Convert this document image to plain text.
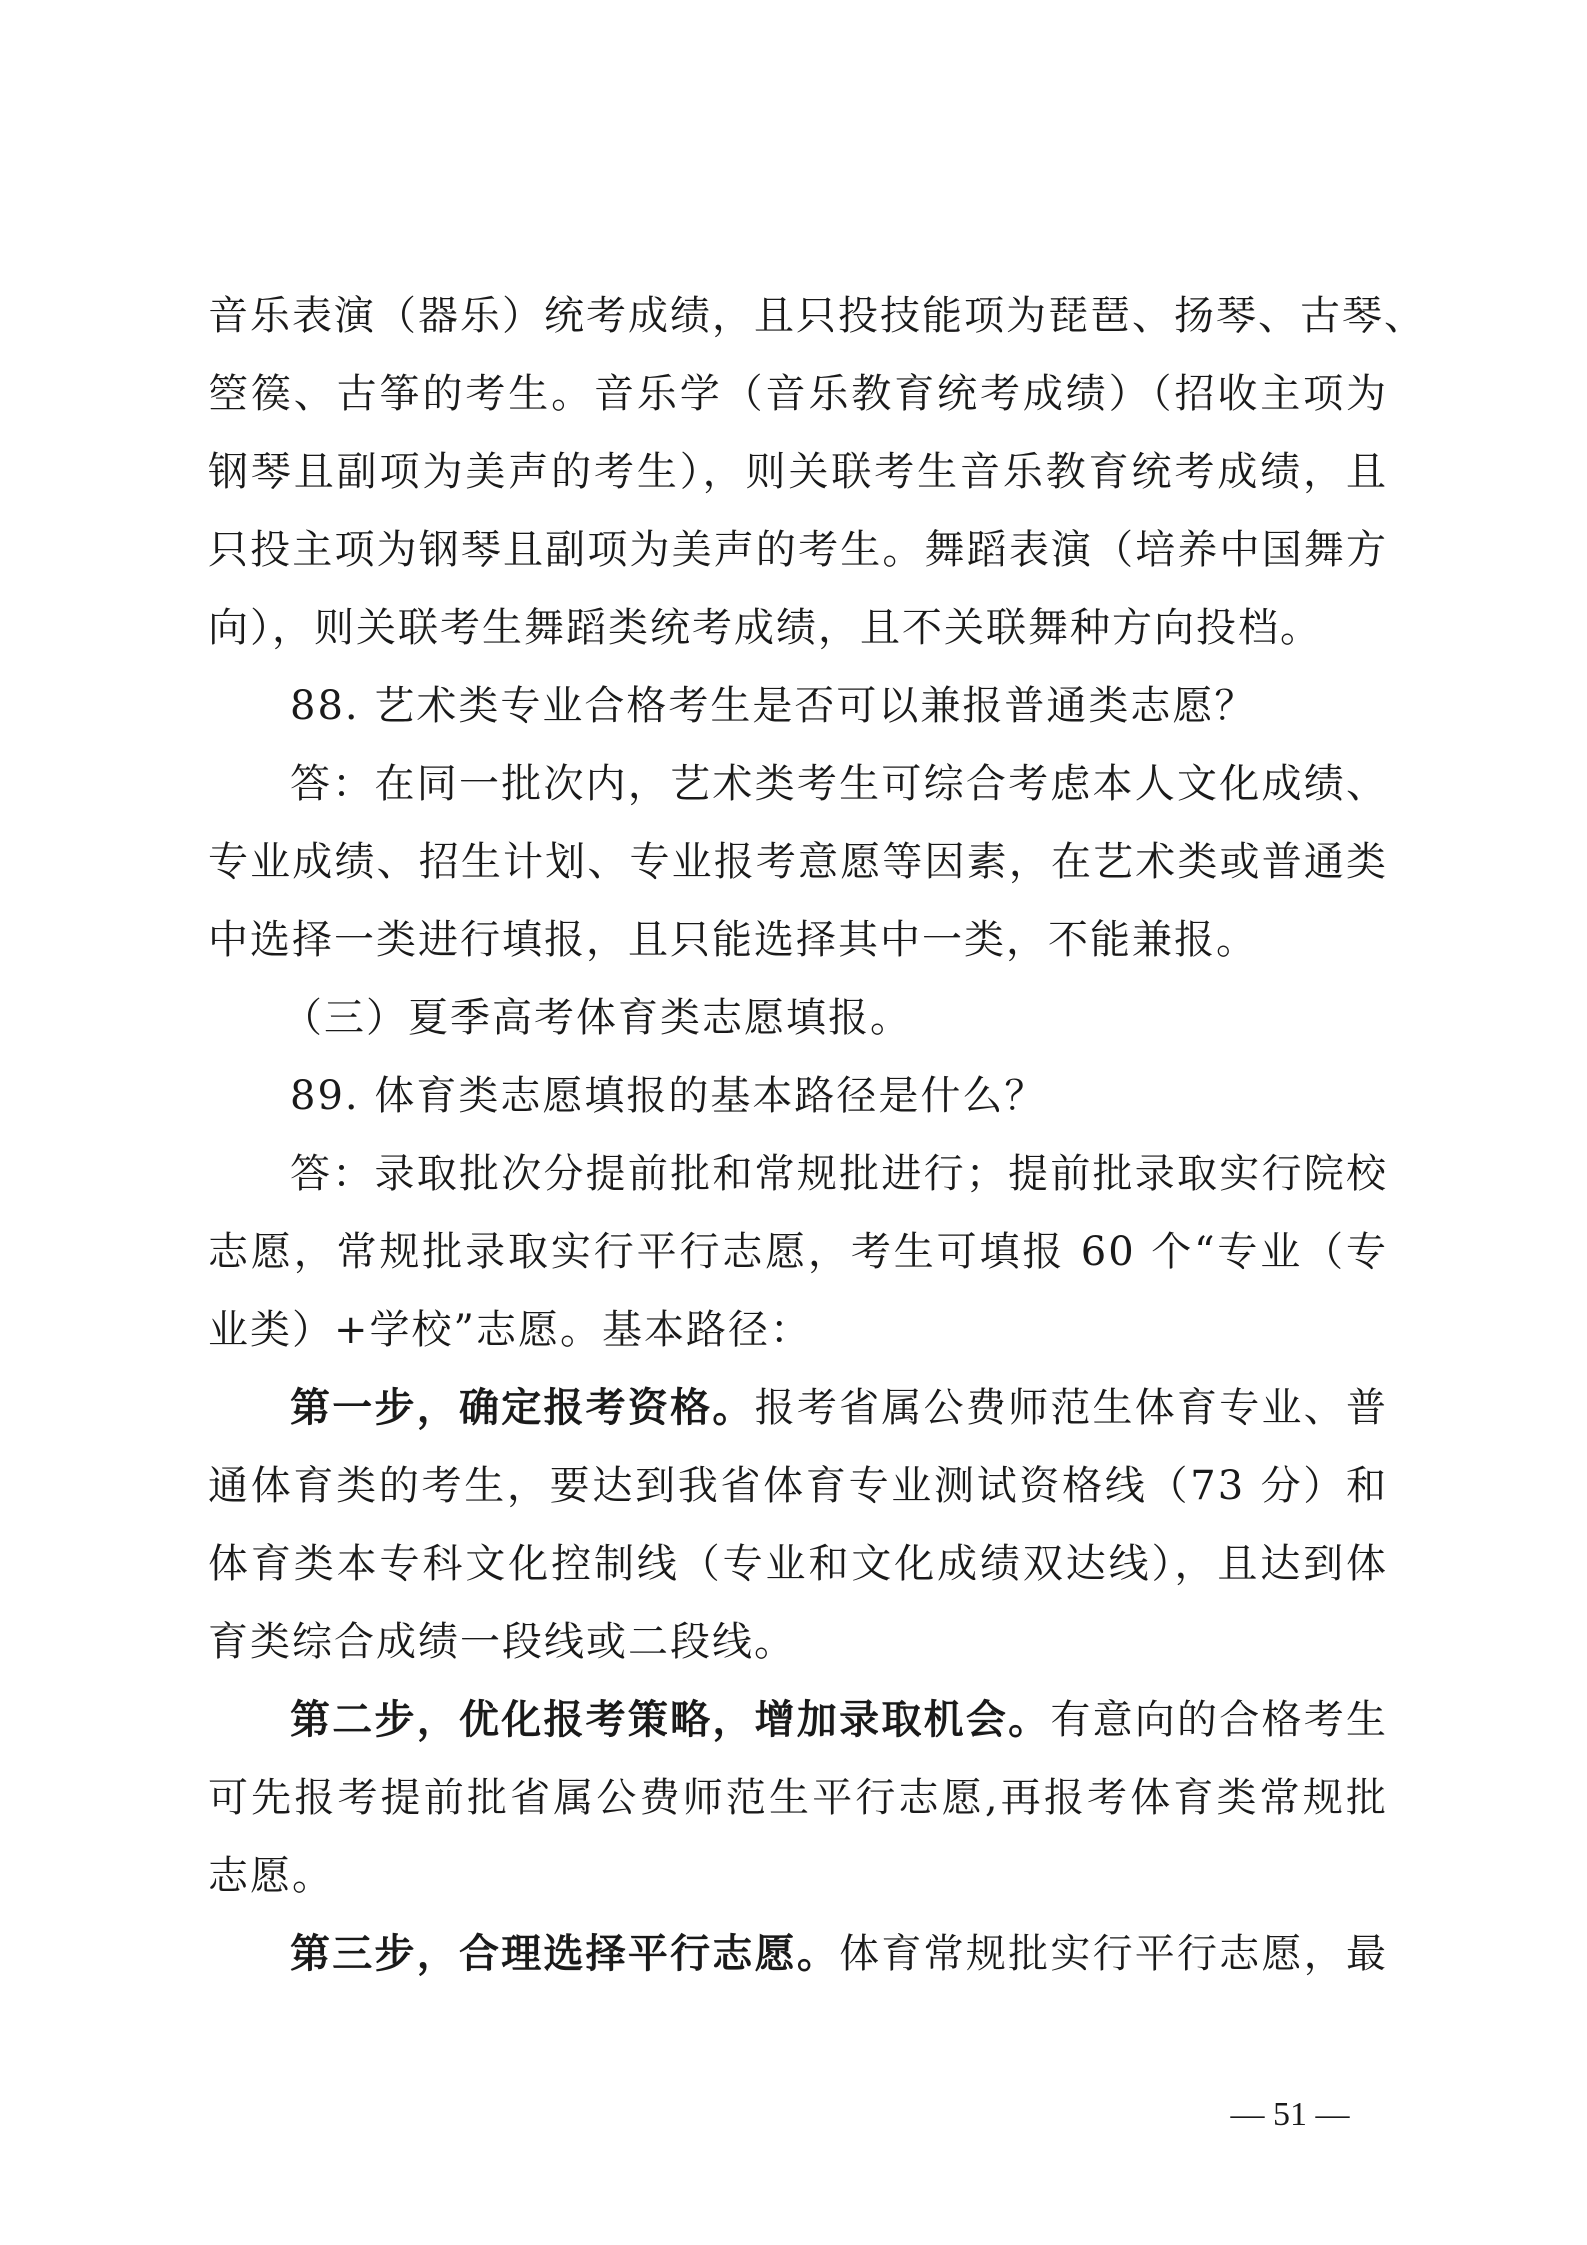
音乐表演（器乐）统考成绩，且只投技能项为琵琶、扬琴、古琴、
箜篌、古筝的考生。音乐学（音乐教育统考成绩）（招收主项为
钢琴且副项为美声的考生），则关联考生音乐教育统考成绩，且
只投主项为钢琴且副项为美声的考生。舞蹈表演（培养中国舞方
向），则关联考生舞蹈类统考成绩，且不关联舞种方向投档。
88. 艺术类专业合格考生是否可以兼报普通类志愿？
答：在同一批次内，艺术类考生可综合考虑本人文化成绩、
专业成绩、招生计划、专业报考意愿等因素，在艺术类或普通类
中选择一类进行填报，且只能选择其中一类，不能兼报。
（三）夏季高考体育类志愿填报。
89. 体育类志愿填报的基本路径是什么？
答：录取批次分提前批和常规批进行；提前批录取实行院校
志愿，常规批录取实行平行志愿，考生可填报 60 个“专业（专
业类）+学校”志愿。基本路径：
第一步，确定报考资格。报考省属公费师范生体育专业、普
通体育类的考生，要达到我省体育专业测试资格线（73 分）和
体育类本专科文化控制线（专业和文化成绩双达线），且达到体
育类综合成绩一段线或二段线。
第二步，优化报考策略，增加录取机会。有意向的合格考生
可先报考提前批省属公费师范生平行志愿,再报考体育类常规批
志愿。
第三步，合理选择平行志愿。体育常规批实行平行志愿，最
— 51 —
